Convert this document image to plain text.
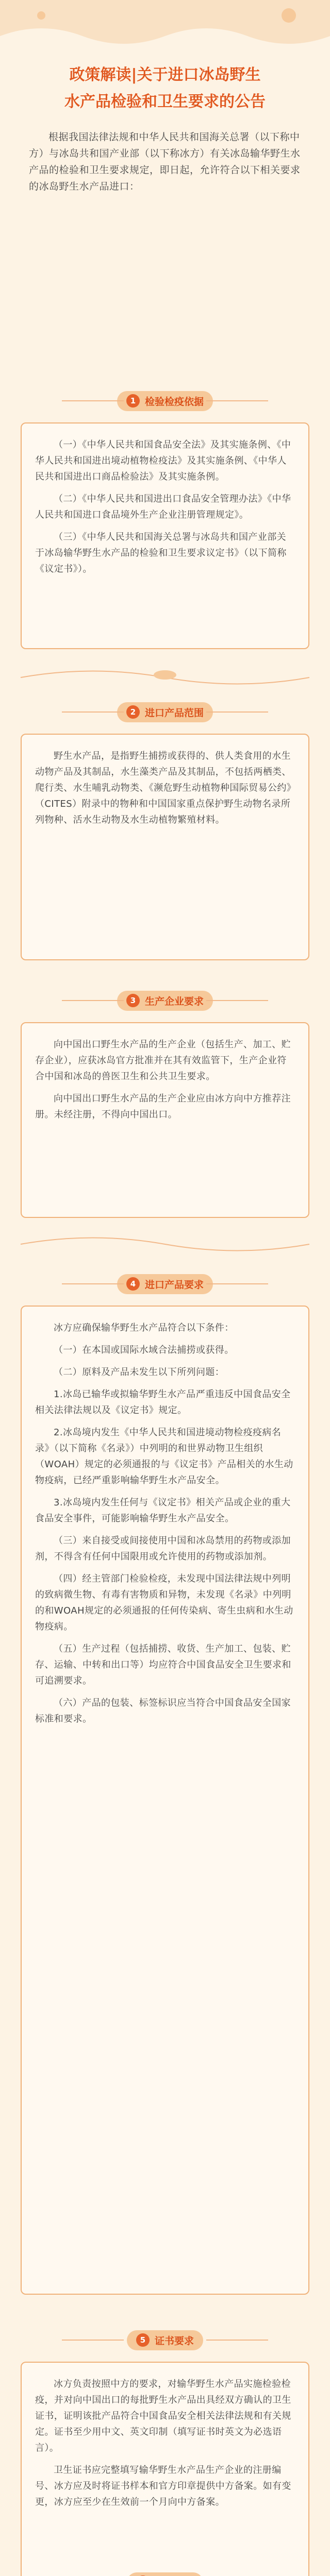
政策解读|关于进口冰岛野生
水产品检验和卫生要求的公告
根据我国法律法规和中华人民共和国海关总署（以下称中方）与冰岛共和国产业部（以下称冰方）有关冰岛输华野生水产品的检验和卫生要求规定，即日起，允许符合以下相关要求的冰岛野生水产品进口：
1 检验检疫依据

（一）《中华人民共和国食品安全法》及其实施条例、《中华人民共和国进出境动植物检疫法》及其实施条例、《中华人民共和国进出口商品检验法》及其实施条例。

（二）《中华人民共和国进出口食品安全管理办法》《中华人民共和国进口食品境外生产企业注册管理规定》。

（三）《中华人民共和国海关总署与冰岛共和国产业部关于冰岛输华野生水产品的检验和卫生要求议定书》（以下简称《议定书》）。

2 进口产品范围

野生水产品，是指野生捕捞或获得的、供人类食用的水生动物产品及其制品，水生藻类产品及其制品，不包括两栖类、爬行类、水生哺乳动物类、《濒危野生动植物种国际贸易公约》（CITES）附录中的物种和中国国家重点保护野生动物名录所列物种、活水生动物及水生动植物繁殖材料。

3 生产企业要求

向中国出口野生水产品的生产企业（包括生产、加工、贮存企业），应获冰岛官方批准并在其有效监管下，生产企业符合中国和冰岛的兽医卫生和公共卫生要求。

向中国出口野生水产品的生产企业应由冰方向中方推荐注册。未经注册，不得向中国出口。

4 进口产品要求

冰方应确保输华野生水产品符合以下条件：

（一）在本国或国际水域合法捕捞或获得。

（二）原料及产品未发生以下所列问题：

1.冰岛已输华或拟输华野生水产品严重违反中国食品安全相关法律法规以及《议定书》规定。

2.冰岛境内发生《中华人民共和国进境动物检疫疫病名录》（以下简称《名录》）中列明的和世界动物卫生组织（WOAH）规定的必须通报的与《议定书》产品相关的水生动物疫病，已经严重影响输华野生水产品安全。

3.冰岛境内发生任何与《议定书》相关产品或企业的重大食品安全事件，可能影响输华野生水产品安全。

（三）来自接受或间接使用中国和冰岛禁用的药物或添加剂，不得含有任何中国限用或允许使用的药物或添加剂。

（四）经主管部门检验检疫，未发现中国法律法规中列明的致病微生物、有毒有害物质和异物，未发现《名录》中列明的和WOAH规定的必须通报的任何传染病、寄生虫病和水生动物疫病。

（五）生产过程（包括捕捞、收货、生产加工、包装、贮存、运输、中转和出口等）均应符合中国食品安全卫生要求和可追溯要求。

（六）产品的包装、标签标识应当符合中国食品安全国家标准和要求。

5 证书要求

冰方负责按照中方的要求，对输华野生水产品实施检验检疫，并对向中国出口的每批野生水产品出具经双方确认的卫生证书，证明该批产品符合中国食品安全相关法律法规和有关规定。证书至少用中文、英文印制（填写证书时英文为必选语言）。

卫生证书应完整填写输华野生水产品生产企业的注册编号、冰方应及时将证书样本和官方印章提供中方备案。如有变更，冰方应至少在生效前一个月向中方备案。
